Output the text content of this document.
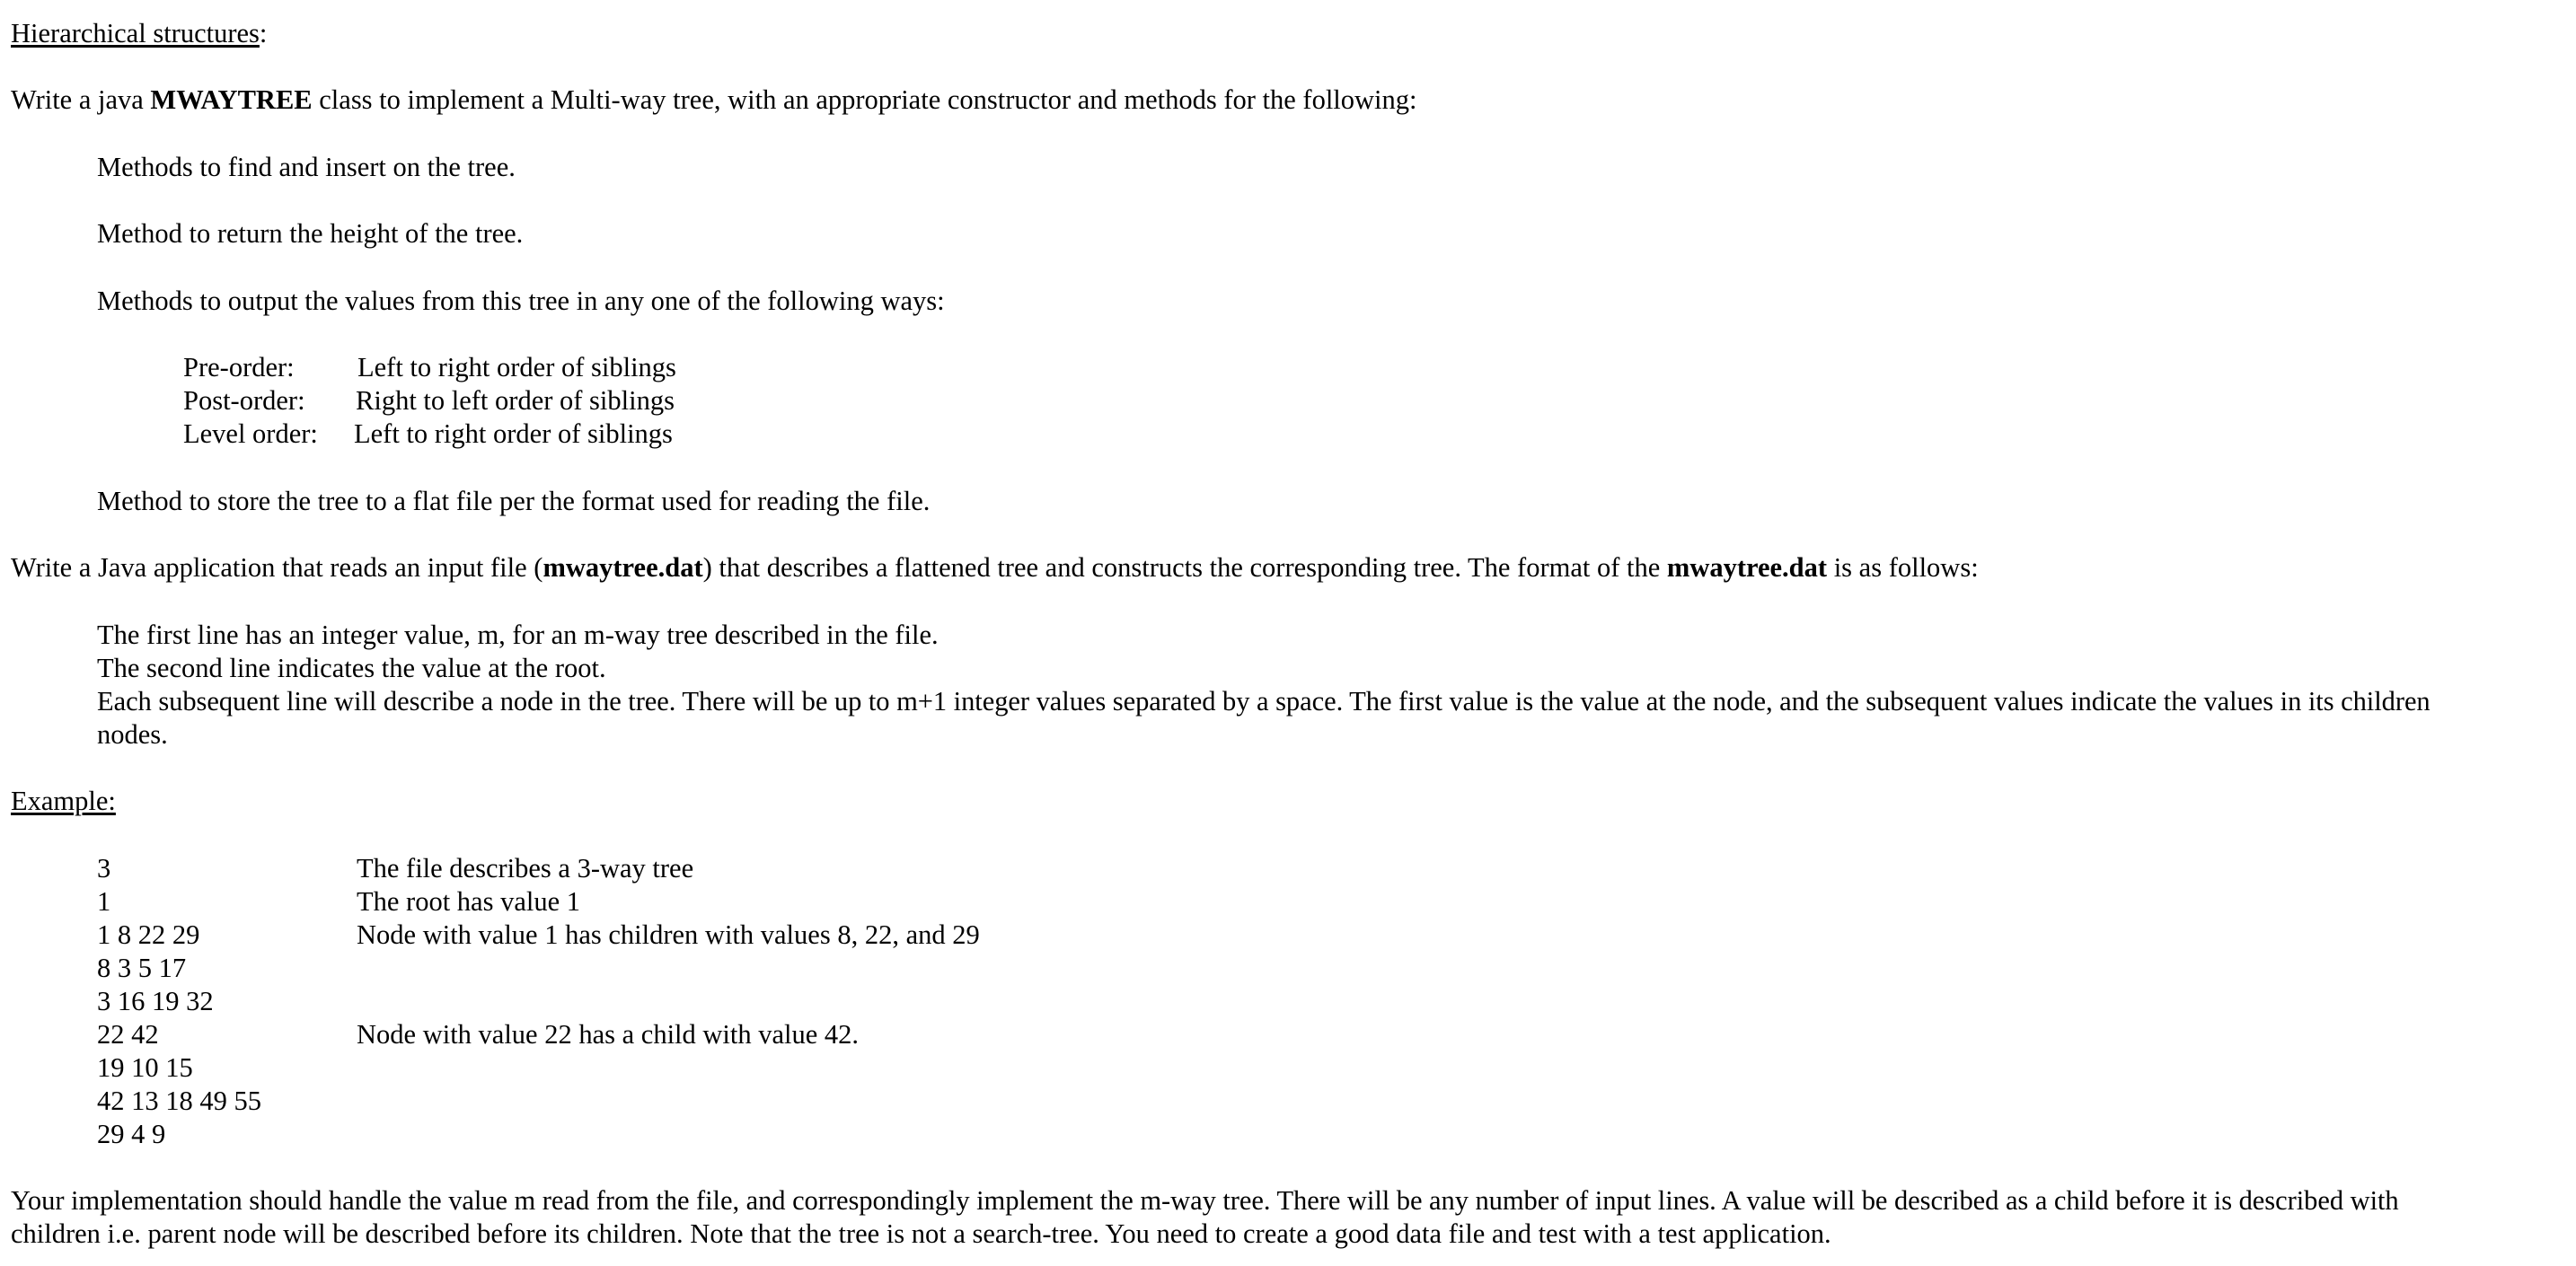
Hierarchical structures:
Write a java MWAYTREE class to implement a Multi-way tree, with an appropriate constructor and methods for the following:
Methods to find and insert on the tree.
Method to return the height of the tree.
Methods to output the values from this tree in any one of the following ways:
Pre-order: Left to right order of siblings
Post-order: Right to left order of siblings
Level order: Left to right order of siblings
Method to store the tree to a flat file per the format used for reading the file.
Write a Java application that reads an input file (mwaytree.dat) that describes a flattened tree and constructs the corresponding tree. The format of the mwaytree.dat is as follows:
The first line has an integer value, m, for an m-way tree described in the file.
The second line indicates the value at the root.
Each subsequent line will describe a node in the tree. There will be up to m+1 integer values separated by a space. The first value is the value at the node, and the subsequent values indicate the values in its children
nodes.
Example:
3	The file describes a 3-way tree
1	The root has value 1
1 8 22 29	Node with value 1 has children with values 8, 22, and 29
8 3 5 17
3 16 19 32
22 42	Node with value 22 has a child with value 42.
19 10 15
42 13 18 49 55
29 4 9
Your implementation should handle the value m read from the file, and correspondingly implement the m-way tree. There will be any number of input lines. A value will be described as a child before it is described with
children i.e. parent node will be described before its children. Note that the tree is not a search-tree. You need to create a good data file and test with a test application.
